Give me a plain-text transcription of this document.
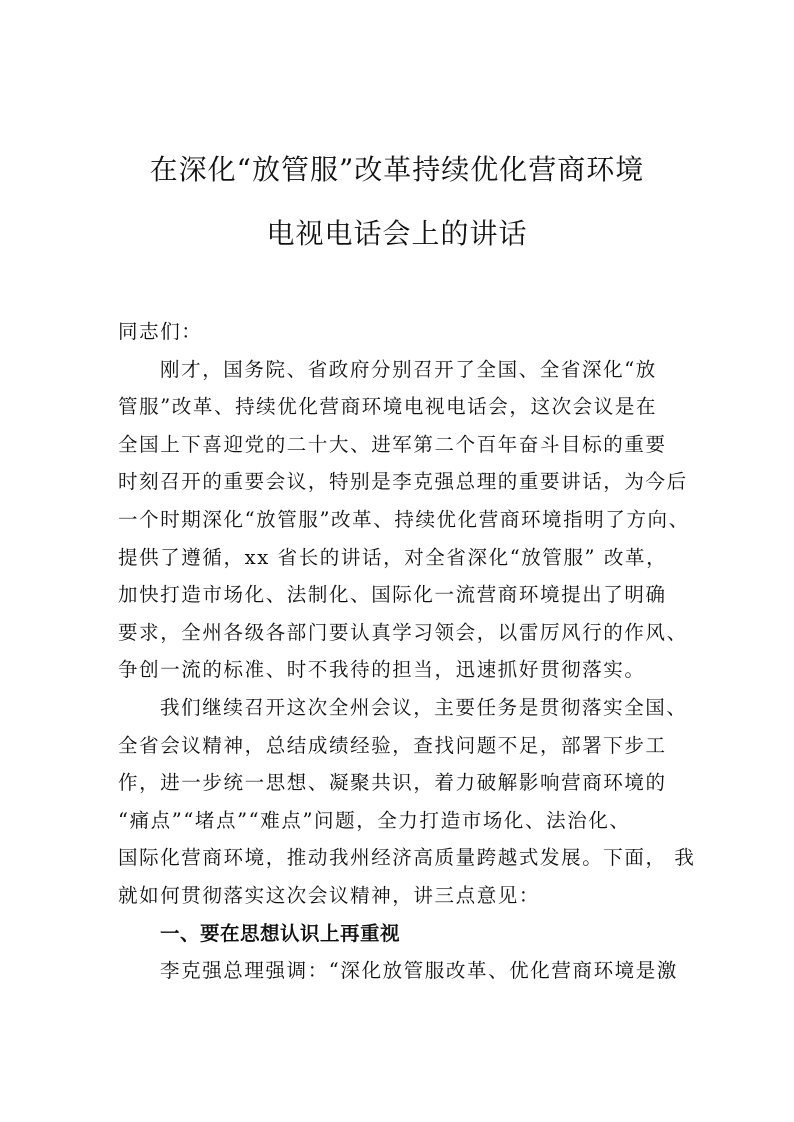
在深化“放管服”改革持续优化营商环境
电视电话会上的讲话
同志们：
刚才，国务院、省政府分别召开了全国、全省深化“放
管服”改革、持续优化营商环境电视电话会，这次会议是在
全国上下喜迎党的二十大、进军第二个百年奋斗目标的重要
时刻召开的重要会议，特别是李克强总理的重要讲话，为今后
一个时期深化“放管服”改革、持续优化营商环境指明了方向、
提供了遵循，xx 省长的讲话，对全省深化“放管服” 改革，
加快打造市场化、法制化、国际化一流营商环境提出了明确
要求，全州各级各部门要认真学习领会，以雷厉风行的作风、
争创一流的标准、时不我待的担当，迅速抓好贯彻落实。
我们继续召开这次全州会议，主要任务是贯彻落实全国、
全省会议精神，总结成绩经验，查找问题不足，部署下步工
作，进一步统一思想、凝聚共识，着力破解影响营商环境的
“痛点”“堵点”“难点”问题，全力打造市场化、法治化、
国际化营商环境，推动我州经济高质量跨越式发展。下面， 我
就如何贯彻落实这次会议精神，讲三点意见：
一、要在思想认识上再重视
李克强总理强调：“深化放管服改革、优化营商环境是激
